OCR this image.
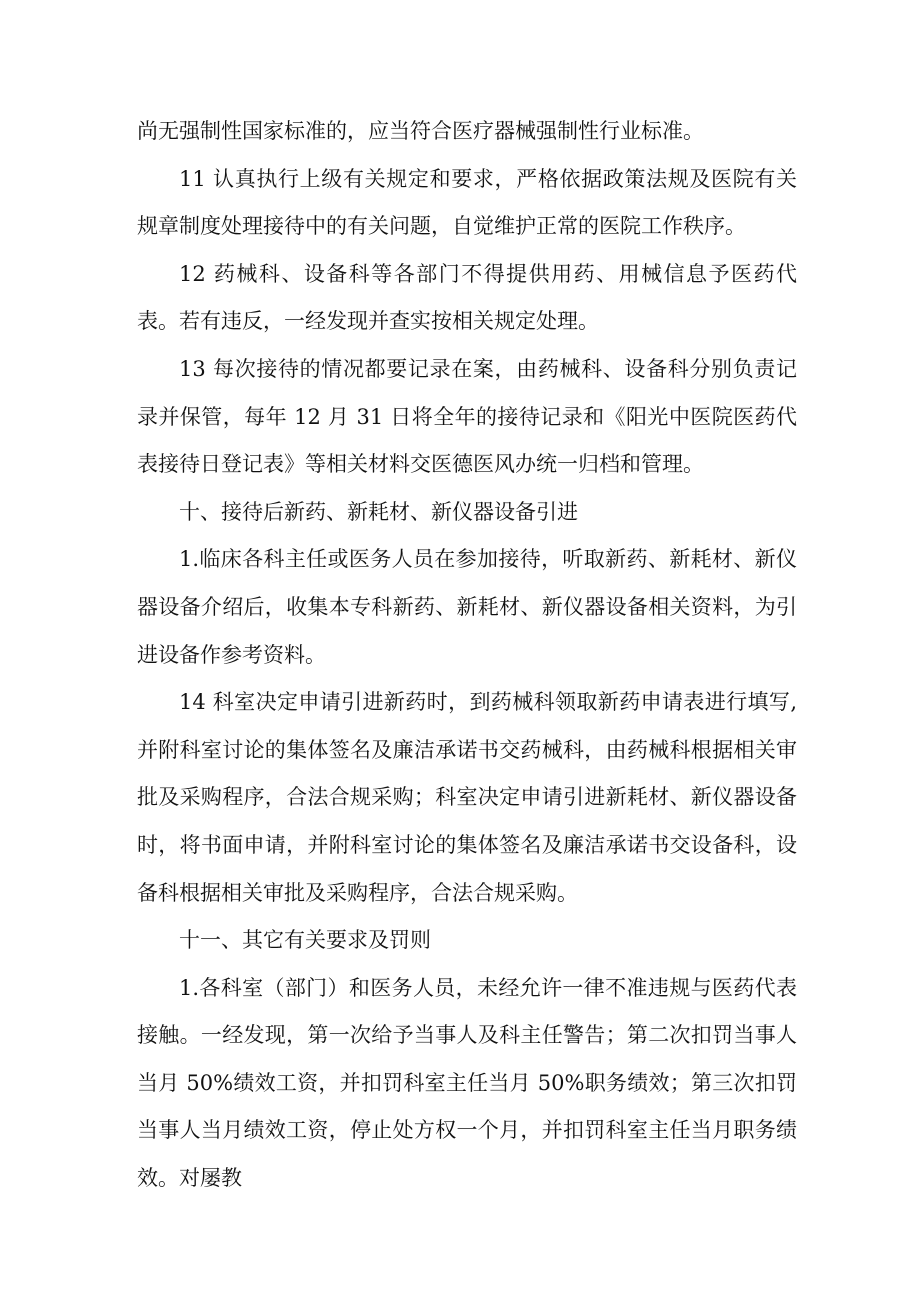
尚无强制性国家标准的，应当符合医疗器械强制性行业标准。

11 认真执行上级有关规定和要求，严格依据政策法规及医院有关规章制度处理接待中的有关问题，自觉维护正常的医院工作秩序。

12 药械科、设备科等各部门不得提供用药、用械信息予医药代表。若有违反，一经发现并查实按相关规定处理。

13 每次接待的情况都要记录在案，由药械科、设备科分别负责记录并保管，每年 12 月 31 日将全年的接待记录和《阳光中医院医药代表接待日登记表》等相关材料交医德医风办统一归档和管理。

十、接待后新药、新耗材、新仪器设备引进

1.临床各科主任或医务人员在参加接待，听取新药、新耗材、新仪器设备介绍后，收集本专科新药、新耗材、新仪器设备相关资料，为引进设备作参考资料。

14 科室决定申请引进新药时，到药械科领取新药申请表进行填写,并附科室讨论的集体签名及廉洁承诺书交药械科，由药械科根据相关审批及采购程序，合法合规采购；科室决定申请引进新耗材、新仪器设备时，将书面申请，并附科室讨论的集体签名及廉洁承诺书交设备科，设备科根据相关审批及采购程序，合法合规采购。

十一、其它有关要求及罚则

1.各科室（部门）和医务人员，未经允许一律不准违规与医药代表接触。一经发现，第一次给予当事人及科主任警告；第二次扣罚当事人当月 50%绩效工资，并扣罚科室主任当月 50%职务绩效；第三次扣罚当事人当月绩效工资，停止处方权一个月，并扣罚科室主任当月职务绩效。对屡教
